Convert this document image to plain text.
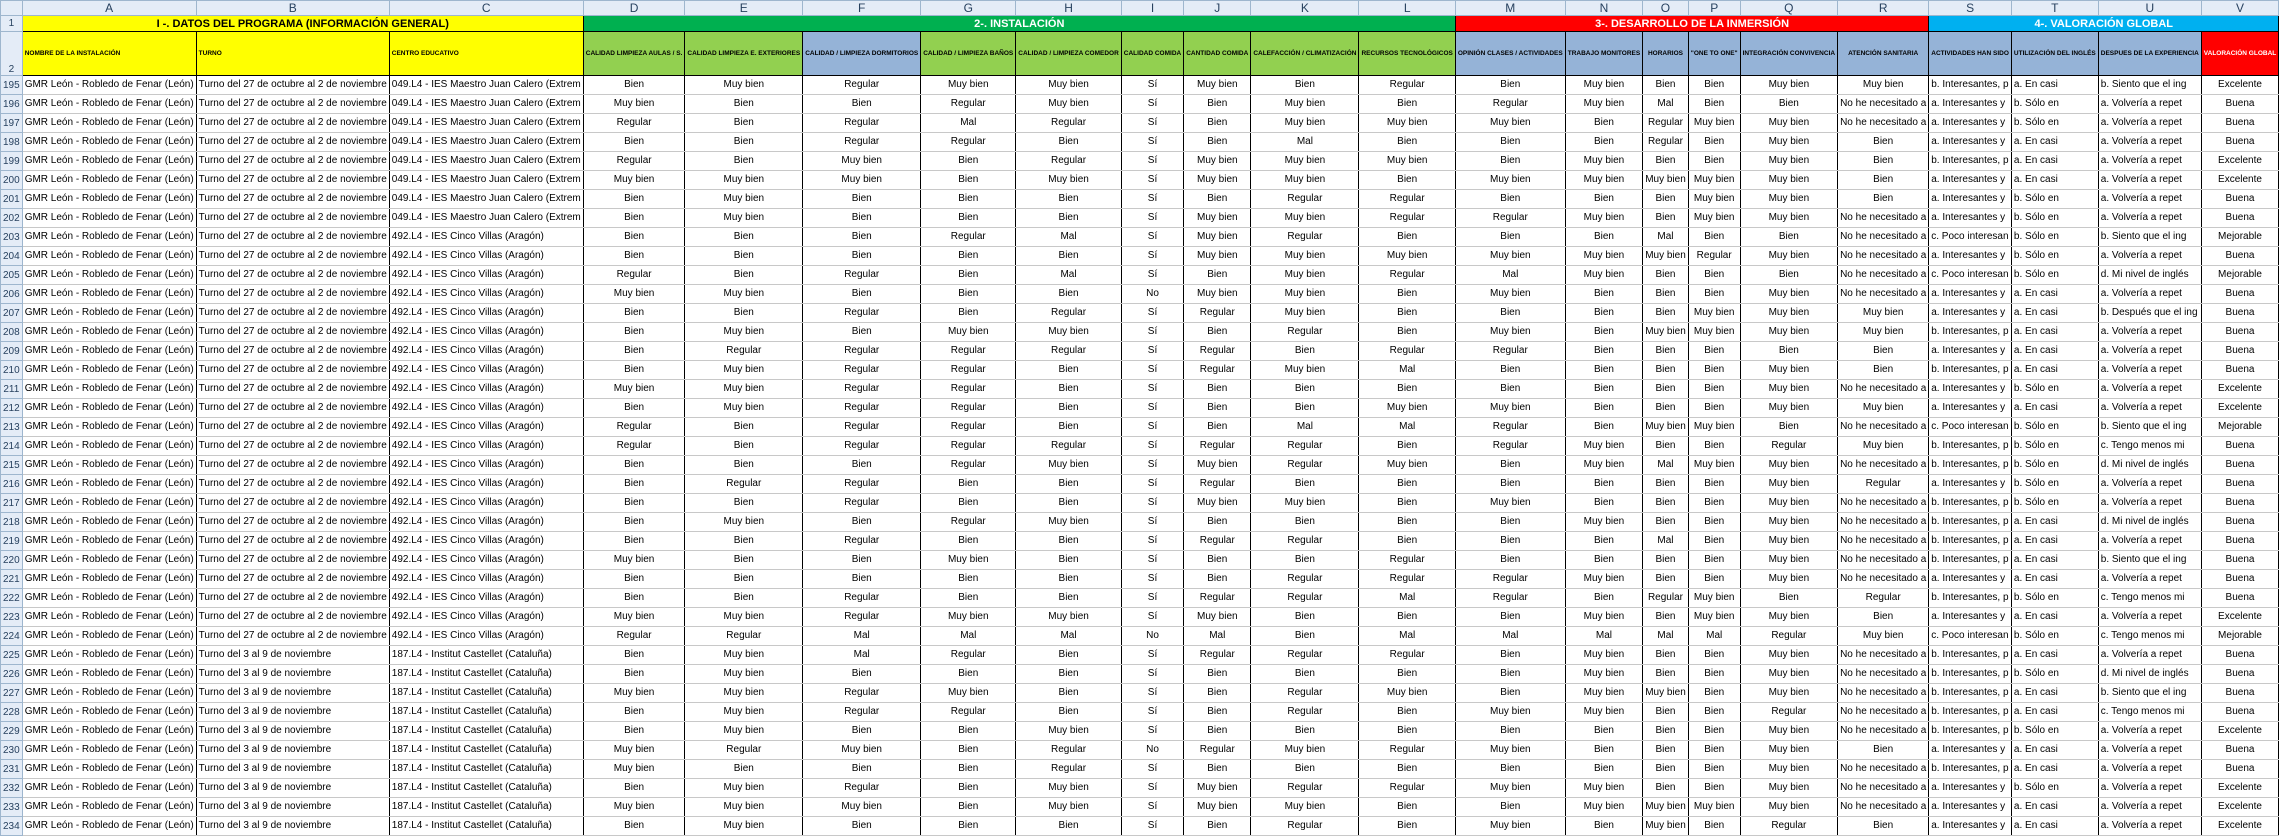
	A	B	C	D	E	F	G	H	I	J	K	L	M	N	O	P	Q	R	S	T	U	V
1	I -. DATOS DEL PROGRAMA (INFORMACIÓN GENERAL)			2-. INSTALACIÓN									3-. DESARROLLO DE LA INMERSIÓN						4-. VALORACIÓN GLOBAL			
2	NOMBRE DE LA INSTALACIÓN	TURNO	CENTRO EDUCATIVO	CALIDAD LIMPIEZA AULAS / S.	CALIDAD LIMPIEZA E. EXTERIORES	CALIDAD / LIMPIEZA DORMITORIOS	CALIDAD / LIMPIEZA BAÑOS	CALIDAD / LIMPIEZA COMEDOR	CALIDAD COMIDA	CANTIDAD COMIDA	CALEFACCIÓN / CLIMATIZACIÓN	RECURSOS TECNOLÓGICOS	OPINIÓN CLASES / ACTIVIDADES	TRABAJO MONITORES	HORARIOS	"ONE TO ONE"	INTEGRACIÓN CONVIVENCIA	ATENCIÓN SANITARIA	ACTIVIDADES HAN SIDO	UTILIZACIÓN DEL INGLÉS	DESPUES DE LA EXPERIENCIA	VALORACIÓN GLOBAL
195	GMR León - Robledo de Fenar (León)	Turno del 27 de octubre al 2 de noviembre	049.L4 - IES Maestro Juan Calero (Extrem	Bien	Muy bien	Regular	Muy bien	Muy bien	Sí	Muy bien	Bien	Regular	Bien	Muy bien	Bien	Bien	Muy bien	Muy bien	b. Interesantes, p	a. En casi	b. Siento que el ing	Excelente
196	GMR León - Robledo de Fenar (León)	Turno del 27 de octubre al 2 de noviembre	049.L4 - IES Maestro Juan Calero (Extrem	Muy bien	Bien	Bien	Regular	Muy bien	Sí	Bien	Muy bien	Bien	Regular	Muy bien	Mal	Bien	Bien	No he necesitado a	a. Interesantes y	b. Sólo en	a. Volvería a repet	Buena
197	GMR León - Robledo de Fenar (León)	Turno del 27 de octubre al 2 de noviembre	049.L4 - IES Maestro Juan Calero (Extrem	Regular	Bien	Regular	Mal	Regular	Sí	Bien	Muy bien	Muy bien	Muy bien	Bien	Regular	Muy bien	Muy bien	No he necesitado a	a. Interesantes y	b. Sólo en	a. Volvería a repet	Buena
198	GMR León - Robledo de Fenar (León)	Turno del 27 de octubre al 2 de noviembre	049.L4 - IES Maestro Juan Calero (Extrem	Bien	Bien	Regular	Regular	Bien	Sí	Bien	Mal	Bien	Bien	Bien	Regular	Bien	Muy bien	Bien	a. Interesantes y	a. En casi	a. Volvería a repet	Buena
199	GMR León - Robledo de Fenar (León)	Turno del 27 de octubre al 2 de noviembre	049.L4 - IES Maestro Juan Calero (Extrem	Regular	Bien	Muy bien	Bien	Regular	Sí	Muy bien	Muy bien	Muy bien	Bien	Muy bien	Bien	Bien	Muy bien	Bien	b. Interesantes, p	a. En casi	a. Volvería a repet	Excelente
200	GMR León - Robledo de Fenar (León)	Turno del 27 de octubre al 2 de noviembre	049.L4 - IES Maestro Juan Calero (Extrem	Muy bien	Muy bien	Muy bien	Bien	Muy bien	Sí	Muy bien	Muy bien	Bien	Muy bien	Muy bien	Muy bien	Muy bien	Muy bien	Bien	a. Interesantes y	a. En casi	a. Volvería a repet	Excelente
201	GMR León - Robledo de Fenar (León)	Turno del 27 de octubre al 2 de noviembre	049.L4 - IES Maestro Juan Calero (Extrem	Bien	Muy bien	Bien	Bien	Bien	Sí	Bien	Regular	Regular	Bien	Bien	Bien	Muy bien	Muy bien	Bien	a. Interesantes y	b. Sólo en	a. Volvería a repet	Buena
202	GMR León - Robledo de Fenar (León)	Turno del 27 de octubre al 2 de noviembre	049.L4 - IES Maestro Juan Calero (Extrem	Bien	Muy bien	Bien	Bien	Bien	Sí	Muy bien	Muy bien	Regular	Regular	Muy bien	Bien	Muy bien	Muy bien	No he necesitado a	a. Interesantes y	b. Sólo en	a. Volvería a repet	Buena
203	GMR León - Robledo de Fenar (León)	Turno del 27 de octubre al 2 de noviembre	492.L4 - IES Cinco Villas (Aragón)	Bien	Bien	Bien	Regular	Mal	Sí	Muy bien	Regular	Bien	Bien	Bien	Mal	Bien	Bien	No he necesitado a	c. Poco interesan	b. Sólo en	b. Siento que el ing	Mejorable
204	GMR León - Robledo de Fenar (León)	Turno del 27 de octubre al 2 de noviembre	492.L4 - IES Cinco Villas (Aragón)	Bien	Bien	Bien	Bien	Bien	Sí	Muy bien	Muy bien	Muy bien	Muy bien	Muy bien	Muy bien	Regular	Muy bien	No he necesitado a	a. Interesantes y	b. Sólo en	a. Volvería a repet	Buena
205	GMR León - Robledo de Fenar (León)	Turno del 27 de octubre al 2 de noviembre	492.L4 - IES Cinco Villas (Aragón)	Regular	Bien	Regular	Bien	Mal	Sí	Bien	Muy bien	Regular	Mal	Muy bien	Bien	Bien	Bien	No he necesitado a	c. Poco interesan	b. Sólo en	d. Mi nivel de inglés	Mejorable
206	GMR León - Robledo de Fenar (León)	Turno del 27 de octubre al 2 de noviembre	492.L4 - IES Cinco Villas (Aragón)	Muy bien	Muy bien	Bien	Bien	Bien	No	Muy bien	Muy bien	Bien	Muy bien	Bien	Bien	Bien	Muy bien	No he necesitado a	a. Interesantes y	a. En casi	a. Volvería a repet	Buena
207	GMR León - Robledo de Fenar (León)	Turno del 27 de octubre al 2 de noviembre	492.L4 - IES Cinco Villas (Aragón)	Bien	Bien	Regular	Bien	Regular	Sí	Regular	Muy bien	Bien	Bien	Bien	Bien	Muy bien	Muy bien	Muy bien	a. Interesantes y	a. En casi	b. Después que el ing	Buena
208	GMR León - Robledo de Fenar (León)	Turno del 27 de octubre al 2 de noviembre	492.L4 - IES Cinco Villas (Aragón)	Bien	Muy bien	Bien	Muy bien	Muy bien	Sí	Bien	Regular	Bien	Muy bien	Bien	Muy bien	Muy bien	Muy bien	Muy bien	b. Interesantes, p	a. En casi	a. Volvería a repet	Buena
209	GMR León - Robledo de Fenar (León)	Turno del 27 de octubre al 2 de noviembre	492.L4 - IES Cinco Villas (Aragón)	Bien	Regular	Regular	Regular	Regular	Sí	Regular	Bien	Regular	Regular	Bien	Bien	Bien	Bien	Bien	a. Interesantes y	a. En casi	a. Volvería a repet	Buena
210	GMR León - Robledo de Fenar (León)	Turno del 27 de octubre al 2 de noviembre	492.L4 - IES Cinco Villas (Aragón)	Bien	Muy bien	Regular	Regular	Bien	Sí	Regular	Muy bien	Mal	Bien	Bien	Bien	Bien	Muy bien	Bien	b. Interesantes, p	a. En casi	a. Volvería a repet	Buena
211	GMR León - Robledo de Fenar (León)	Turno del 27 de octubre al 2 de noviembre	492.L4 - IES Cinco Villas (Aragón)	Muy bien	Muy bien	Regular	Regular	Bien	Sí	Bien	Bien	Bien	Bien	Bien	Bien	Bien	Muy bien	No he necesitado a	a. Interesantes y	b. Sólo en	a. Volvería a repet	Excelente
212	GMR León - Robledo de Fenar (León)	Turno del 27 de octubre al 2 de noviembre	492.L4 - IES Cinco Villas (Aragón)	Bien	Muy bien	Regular	Regular	Bien	Sí	Bien	Bien	Muy bien	Muy bien	Bien	Bien	Bien	Muy bien	Muy bien	a. Interesantes y	a. En casi	a. Volvería a repet	Excelente
213	GMR León - Robledo de Fenar (León)	Turno del 27 de octubre al 2 de noviembre	492.L4 - IES Cinco Villas (Aragón)	Regular	Bien	Regular	Regular	Bien	Sí	Bien	Mal	Mal	Regular	Bien	Muy bien	Muy bien	Bien	No he necesitado a	c. Poco interesan	b. Sólo en	b. Siento que el ing	Mejorable
214	GMR León - Robledo de Fenar (León)	Turno del 27 de octubre al 2 de noviembre	492.L4 - IES Cinco Villas (Aragón)	Regular	Bien	Regular	Regular	Regular	Sí	Regular	Regular	Bien	Regular	Muy bien	Bien	Bien	Regular	Muy bien	b. Interesantes, p	b. Sólo en	c. Tengo menos mi	Buena
215	GMR León - Robledo de Fenar (León)	Turno del 27 de octubre al 2 de noviembre	492.L4 - IES Cinco Villas (Aragón)	Bien	Bien	Bien	Regular	Muy bien	Sí	Muy bien	Regular	Muy bien	Bien	Muy bien	Mal	Muy bien	Muy bien	No he necesitado a	b. Interesantes, p	b. Sólo en	d. Mi nivel de inglés	Buena
216	GMR León - Robledo de Fenar (León)	Turno del 27 de octubre al 2 de noviembre	492.L4 - IES Cinco Villas (Aragón)	Bien	Regular	Regular	Bien	Bien	Sí	Regular	Bien	Bien	Bien	Bien	Bien	Bien	Muy bien	Regular	a. Interesantes y	b. Sólo en	a. Volvería a repet	Buena
217	GMR León - Robledo de Fenar (León)	Turno del 27 de octubre al 2 de noviembre	492.L4 - IES Cinco Villas (Aragón)	Bien	Bien	Regular	Bien	Bien	Sí	Muy bien	Muy bien	Bien	Muy bien	Bien	Bien	Bien	Muy bien	No he necesitado a	b. Interesantes, p	b. Sólo en	a. Volvería a repet	Buena
218	GMR León - Robledo de Fenar (León)	Turno del 27 de octubre al 2 de noviembre	492.L4 - IES Cinco Villas (Aragón)	Bien	Muy bien	Bien	Regular	Muy bien	Sí	Bien	Bien	Bien	Bien	Muy bien	Bien	Bien	Muy bien	No he necesitado a	b. Interesantes, p	a. En casi	d. Mi nivel de inglés	Buena
219	GMR León - Robledo de Fenar (León)	Turno del 27 de octubre al 2 de noviembre	492.L4 - IES Cinco Villas (Aragón)	Bien	Bien	Regular	Bien	Bien	Sí	Regular	Regular	Bien	Bien	Bien	Mal	Bien	Muy bien	No he necesitado a	b. Interesantes, p	a. En casi	a. Volvería a repet	Buena
220	GMR León - Robledo de Fenar (León)	Turno del 27 de octubre al 2 de noviembre	492.L4 - IES Cinco Villas (Aragón)	Muy bien	Bien	Bien	Muy bien	Bien	Sí	Bien	Bien	Regular	Bien	Bien	Bien	Bien	Muy bien	No he necesitado a	b. Interesantes, p	a. En casi	b. Siento que el ing	Buena
221	GMR León - Robledo de Fenar (León)	Turno del 27 de octubre al 2 de noviembre	492.L4 - IES Cinco Villas (Aragón)	Bien	Bien	Bien	Bien	Bien	Sí	Bien	Regular	Regular	Regular	Muy bien	Bien	Bien	Muy bien	No he necesitado a	a. Interesantes y	a. En casi	a. Volvería a repet	Buena
222	GMR León - Robledo de Fenar (León)	Turno del 27 de octubre al 2 de noviembre	492.L4 - IES Cinco Villas (Aragón)	Bien	Bien	Regular	Bien	Bien	Sí	Regular	Regular	Mal	Regular	Bien	Regular	Muy bien	Bien	Regular	b. Interesantes, p	b. Sólo en	c. Tengo menos mi	Buena
223	GMR León - Robledo de Fenar (León)	Turno del 27 de octubre al 2 de noviembre	492.L4 - IES Cinco Villas (Aragón)	Muy bien	Muy bien	Regular	Muy bien	Muy bien	Sí	Muy bien	Bien	Bien	Bien	Muy bien	Bien	Muy bien	Muy bien	Bien	a. Interesantes y	a. En casi	a. Volvería a repet	Excelente
224	GMR León - Robledo de Fenar (León)	Turno del 27 de octubre al 2 de noviembre	492.L4 - IES Cinco Villas (Aragón)	Regular	Regular	Mal	Mal	Mal	No	Mal	Bien	Mal	Mal	Mal	Mal	Mal	Regular	Muy bien	c. Poco interesan	b. Sólo en	c. Tengo menos mi	Mejorable
225	GMR León - Robledo de Fenar (León)	Turno del 3 al 9 de noviembre	187.L4 - Institut Castellet (Cataluña)	Bien	Muy bien	Mal	Regular	Bien	Sí	Regular	Regular	Regular	Bien	Muy bien	Bien	Bien	Muy bien	No he necesitado a	b. Interesantes, p	a. En casi	a. Volvería a repet	Buena
226	GMR León - Robledo de Fenar (León)	Turno del 3 al 9 de noviembre	187.L4 - Institut Castellet (Cataluña)	Bien	Muy bien	Bien	Bien	Bien	Sí	Bien	Bien	Bien	Bien	Muy bien	Bien	Bien	Muy bien	No he necesitado a	b. Interesantes, p	b. Sólo en	d. Mi nivel de inglés	Buena
227	GMR León - Robledo de Fenar (León)	Turno del 3 al 9 de noviembre	187.L4 - Institut Castellet (Cataluña)	Muy bien	Muy bien	Regular	Muy bien	Bien	Sí	Bien	Regular	Muy bien	Bien	Muy bien	Muy bien	Bien	Muy bien	No he necesitado a	b. Interesantes, p	a. En casi	b. Siento que el ing	Buena
228	GMR León - Robledo de Fenar (León)	Turno del 3 al 9 de noviembre	187.L4 - Institut Castellet (Cataluña)	Bien	Muy bien	Regular	Regular	Bien	Sí	Bien	Regular	Bien	Muy bien	Muy bien	Bien	Bien	Regular	No he necesitado a	b. Interesantes, p	a. En casi	c. Tengo menos mi	Buena
229	GMR León - Robledo de Fenar (León)	Turno del 3 al 9 de noviembre	187.L4 - Institut Castellet (Cataluña)	Bien	Muy bien	Bien	Bien	Muy bien	Sí	Bien	Bien	Bien	Bien	Bien	Bien	Bien	Muy bien	No he necesitado a	b. Interesantes, p	b. Sólo en	a. Volvería a repet	Excelente
230	GMR León - Robledo de Fenar (León)	Turno del 3 al 9 de noviembre	187.L4 - Institut Castellet (Cataluña)	Muy bien	Regular	Muy bien	Bien	Regular	No	Regular	Muy bien	Regular	Muy bien	Bien	Bien	Bien	Muy bien	Bien	a. Interesantes y	a. En casi	a. Volvería a repet	Buena
231	GMR León - Robledo de Fenar (León)	Turno del 3 al 9 de noviembre	187.L4 - Institut Castellet (Cataluña)	Muy bien	Bien	Bien	Bien	Regular	Sí	Bien	Bien	Bien	Bien	Bien	Bien	Bien	Muy bien	No he necesitado a	b. Interesantes, p	a. En casi	a. Volvería a repet	Buena
232	GMR León - Robledo de Fenar (León)	Turno del 3 al 9 de noviembre	187.L4 - Institut Castellet (Cataluña)	Bien	Muy bien	Regular	Bien	Muy bien	Sí	Muy bien	Regular	Regular	Muy bien	Muy bien	Bien	Bien	Muy bien	No he necesitado a	a. Interesantes y	b. Sólo en	a. Volvería a repet	Excelente
233	GMR León - Robledo de Fenar (León)	Turno del 3 al 9 de noviembre	187.L4 - Institut Castellet (Cataluña)	Muy bien	Muy bien	Muy bien	Bien	Muy bien	Sí	Muy bien	Muy bien	Bien	Bien	Muy bien	Muy bien	Muy bien	Muy bien	No he necesitado a	a. Interesantes y	a. En casi	a. Volvería a repet	Excelente
234	GMR León - Robledo de Fenar (León)	Turno del 3 al 9 de noviembre	187.L4 - Institut Castellet (Cataluña)	Bien	Muy bien	Bien	Bien	Bien	Sí	Bien	Regular	Bien	Muy bien	Bien	Muy bien	Bien	Regular	Bien	a. Interesantes y	a. En casi	a. Volvería a repet	Excelente
